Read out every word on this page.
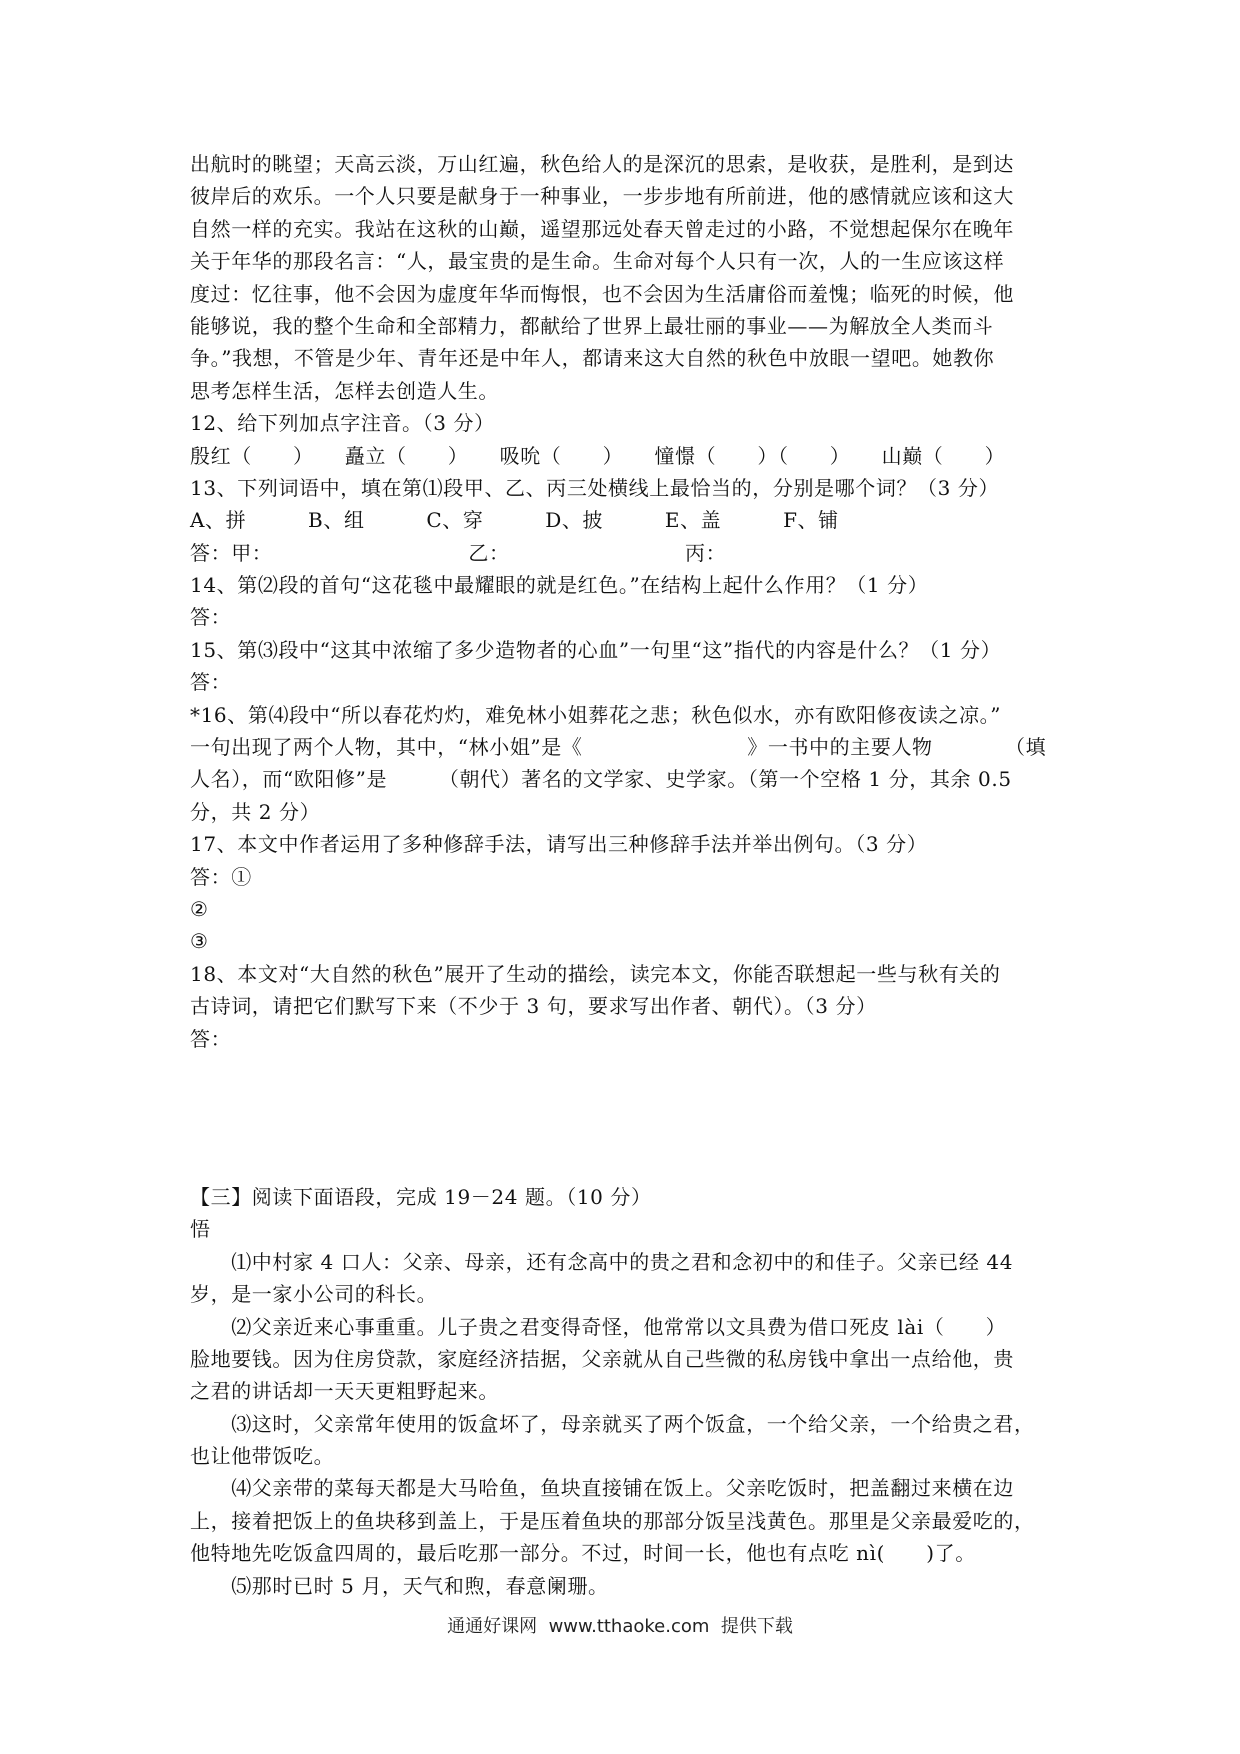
出航时的眺望；天高云淡，万山红遍，秋色给人的是深沉的思索，是收获，是胜利，是到达
彼岸后的欢乐。一个人只要是献身于一种事业，一步步地有所前进，他的感情就应该和这大
自然一样的充实。我站在这秋的山巅，遥望那远处春天曾走过的小路，不觉想起保尔在晚年
关于年华的那段名言：“人，最宝贵的是生命。生命对每个人只有一次，人的一生应该这样
度过：忆往事，他不会因为虚度年华而悔恨，也不会因为生活庸俗而羞愧；临死的时候，他
能够说，我的整个生命和全部精力，都献给了世界上最壮丽的事业——为解放全人类而斗
争。”我想，不管是少年、青年还是中年人，都请来这大自然的秋色中放眼一望吧。她教你
思考怎样生活，怎样去创造人生。
12、给下列加点字注音。（3 分）
殷红（　　）　　矗立（　　）　　吸吮（　　）　　憧憬（　　）（　　）　　山巅（　　）
13、下列词语中，填在第⑴段甲、乙、丙三处横线上最恰当的，分别是哪个词？（3 分）
A、拼　　　B、组　　　C、穿　　　D、披　　　E、盖　　　F、铺
答：甲：　　　　　　　　　　乙：　　　　　　　　　丙：
14、第⑵段的首句“这花毯中最耀眼的就是红色。”在结构上起什么作用？（1 分）
答：
15、第⑶段中“这其中浓缩了多少造物者的心血”一句里“这”指代的内容是什么？（1 分）
答：
*16、第⑷段中“所以春花灼灼，难免林小姐葬花之悲；秋色似水，亦有欧阳修夜读之凉。”
一句出现了两个人物，其中，“林小姐”是《　　　　　　　　》一书中的主要人物　　　　（填
人名），而“欧阳修”是　　　（朝代）著名的文学家、史学家。（第一个空格 1 分，其余 0.5
分，共 2 分）
17、本文中作者运用了多种修辞手法，请写出三种修辞手法并举出例句。（3 分）
答：①
②
③
18、本文对“大自然的秋色”展开了生动的描绘，读完本文，你能否联想起一些与秋有关的
古诗词，请把它们默写下来（不少于 3 句，要求写出作者、朝代）。（3 分）
答：
【三】阅读下面语段，完成 19－24 题。（10 分）
悟
　　⑴中村家 4 口人：父亲、母亲，还有念高中的贵之君和念初中的和佳子。父亲已经 44
岁，是一家小公司的科长。
　　⑵父亲近来心事重重。儿子贵之君变得奇怪，他常常以文具费为借口死皮 lài（　　）
脸地要钱。因为住房贷款，家庭经济拮据，父亲就从自己些微的私房钱中拿出一点给他，贵
之君的讲话却一天天更粗野起来。
　　⑶这时，父亲常年使用的饭盒坏了，母亲就买了两个饭盒，一个给父亲，一个给贵之君，
也让他带饭吃。
　　⑷父亲带的菜每天都是大马哈鱼，鱼块直接铺在饭上。父亲吃饭时，把盖翻过来横在边
上，接着把饭上的鱼块移到盖上，于是压着鱼块的那部分饭呈浅黄色。那里是父亲最爱吃的，
他特地先吃饭盒四周的，最后吃那一部分。不过，时间一长，他也有点吃 nì(　　)了。
　　⑸那时已时 5 月，天气和煦，春意阑珊。
通通好课网  www.tthaoke.com  提供下载
